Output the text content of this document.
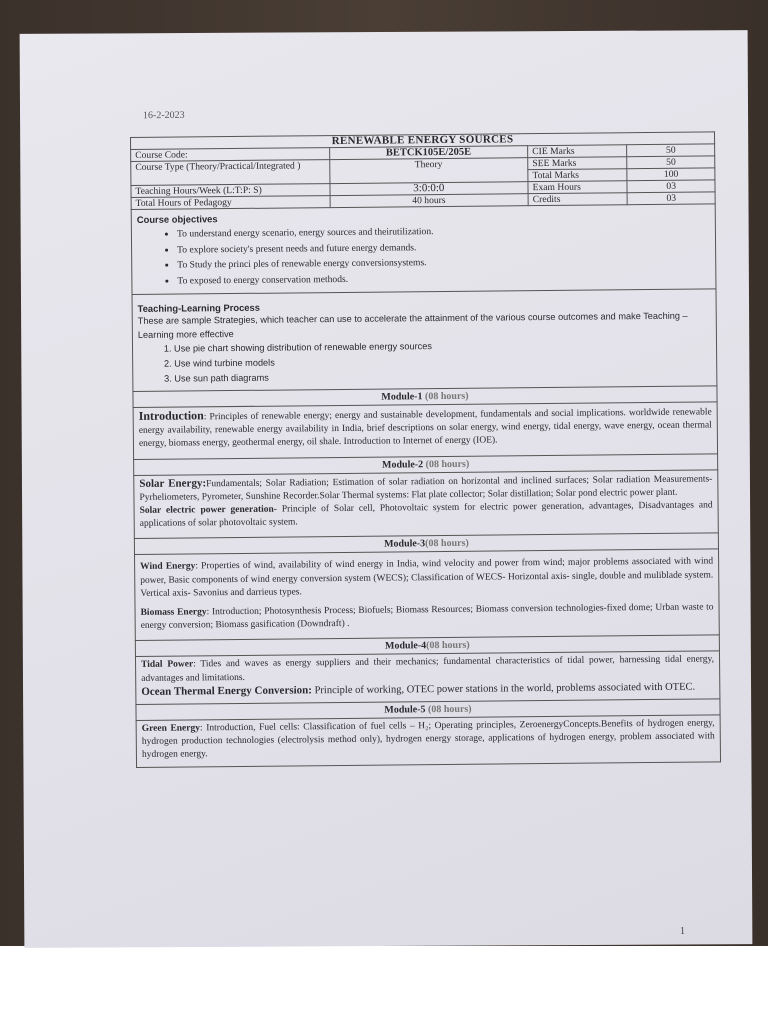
16-2-2023
RENEWABLE ENERGY SOURCES			
Course Code:	BETCK105E/205E	CIE Marks	50
Course Type (Theory/Practical/Integrated )	Theory	SEE Marks	50
		Total Marks	100
Teaching Hours/Week (L:T:P: S)	3:0:0:0	Exam Hours	03
Total Hours of Pedagogy	40 hours	Credits	03
Course objectives
• To understand energy scenario, energy sources and theirutilization.
• To explore society's present needs and future energy demands.
• To Study the princi ples of renewable energy conversionsystems.
• To exposed to energy conservation methods.
Teaching-Learning Process
These are sample Strategies, which teacher can use to accelerate the attainment of the various course outcomes and make Teaching –Learning more effective
1. Use pie chart showing distribution of renewable energy sources
2. Use wind turbine models
3. Use sun path diagrams
Module-1 (08 hours)

Introduction: Principles of renewable energy; energy and sustainable development, fundamentals and social implications. worldwide renewable energy availability, renewable energy availability in India, brief descriptions on solar energy, wind energy, tidal energy, wave energy, ocean thermal energy, biomass energy, geothermal energy, oil shale. Introduction to Internet of energy (IOE).

Module-2 (08 hours)

Solar Energy:Fundamentals; Solar Radiation; Estimation of solar radiation on horizontal and inclined surfaces; Solar radiation Measurements- Pyrheliometers, Pyrometer, Sunshine Recorder.Solar Thermal systems: Flat plate collector; Solar distillation; Solar pond electric power plant.

Solar electric power generation- Principle of Solar cell, Photovoltaic system for electric power generation, advantages, Disadvantages and applications of solar photovoltaic system.

Module-3(08 hours)

Wind Energy: Properties of wind, availability of wind energy in India, wind velocity and power from wind; major problems associated with wind power, Basic components of wind energy conversion system (WECS); Classification of WECS- Horizontal axis- single, double and muliblade system. Vertical axis- Savonius and darrieus types.

Biomass Energy: Introduction; Photosynthesis Process; Biofuels; Biomass Resources; Biomass conversion technologies-fixed dome; Urban waste to energy conversion; Biomass gasification (Downdraft) .

Module-4(08 hours)

Tidal Power: Tides and waves as energy suppliers and their mechanics; fundamental characteristics of tidal power, harnessing tidal energy, advantages and limitations.

Ocean Thermal Energy Conversion: Principle of working, OTEC power stations in the world, problems associated with OTEC.

Module-5 (08 hours)

Green Energy: Introduction, Fuel cells: Classification of fuel cells – H₂; Operating principles, ZeroenergyConcepts.Benefits of hydrogen energy, hydrogen production technologies (electrolysis method only), hydrogen energy storage, applications of hydrogen energy, problem associated with hydrogen energy.

1
